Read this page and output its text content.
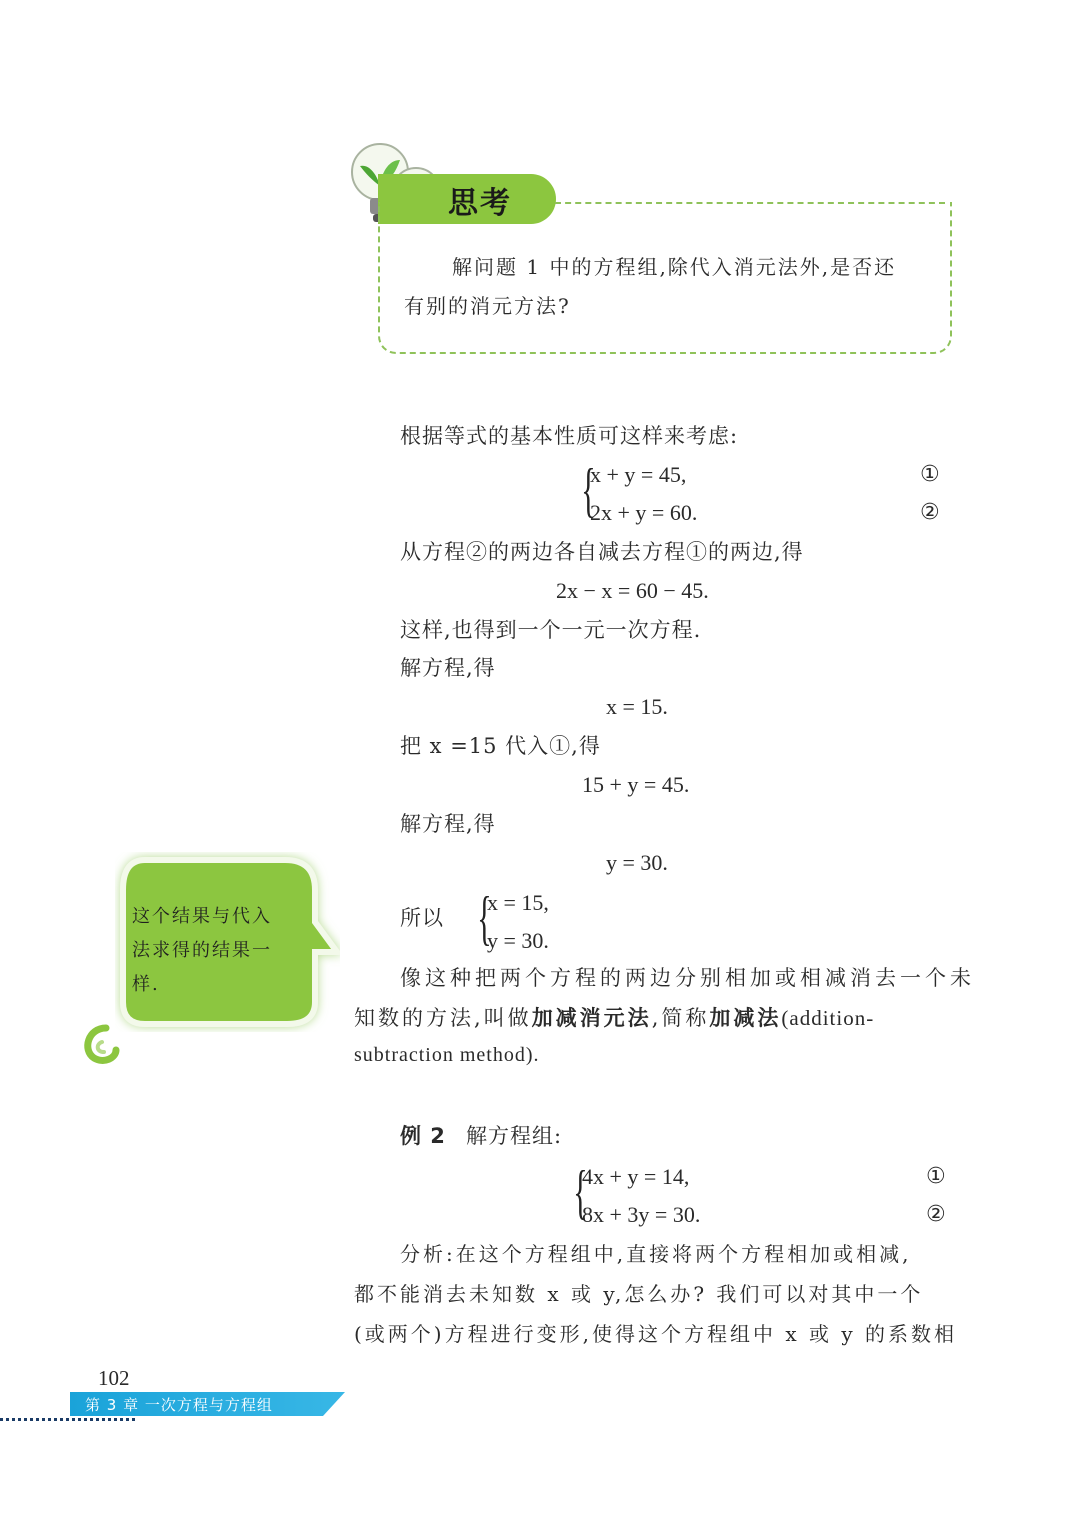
思考
解问题 1 中的方程组,除代入消元法外,是否还
有别的消元方法?
根据等式的基本性质可这样来考虑:
{
x + y = 45,
2x + y = 60.
①
②
从方程②的两边各自减去方程①的两边,得
2x − x = 60 − 45.
这样,也得到一个一元一次方程.
解方程,得
x = 15.
把 x =15 代入①,得
15 + y = 45.
解方程,得
y = 30.
所以 {
x = 15,
y = 30.
像这种把两个方程的两边分别相加或相减消去一个未
知数的方法,叫做加减消元法,简称加减法(addition-
subtraction method).
例 2 解方程组:
{
4x + y = 14,
8x + 3y = 30.
①
②
分析:在这个方程组中,直接将两个方程相加或相减,
都不能消去未知数 x 或 y,怎么办? 我们可以对其中一个
(或两个)方程进行变形,使得这个方程组中 x 或 y 的系数相
这个结果与代入法求得的结果一样.
102
第 3 章 一次方程与方程组
